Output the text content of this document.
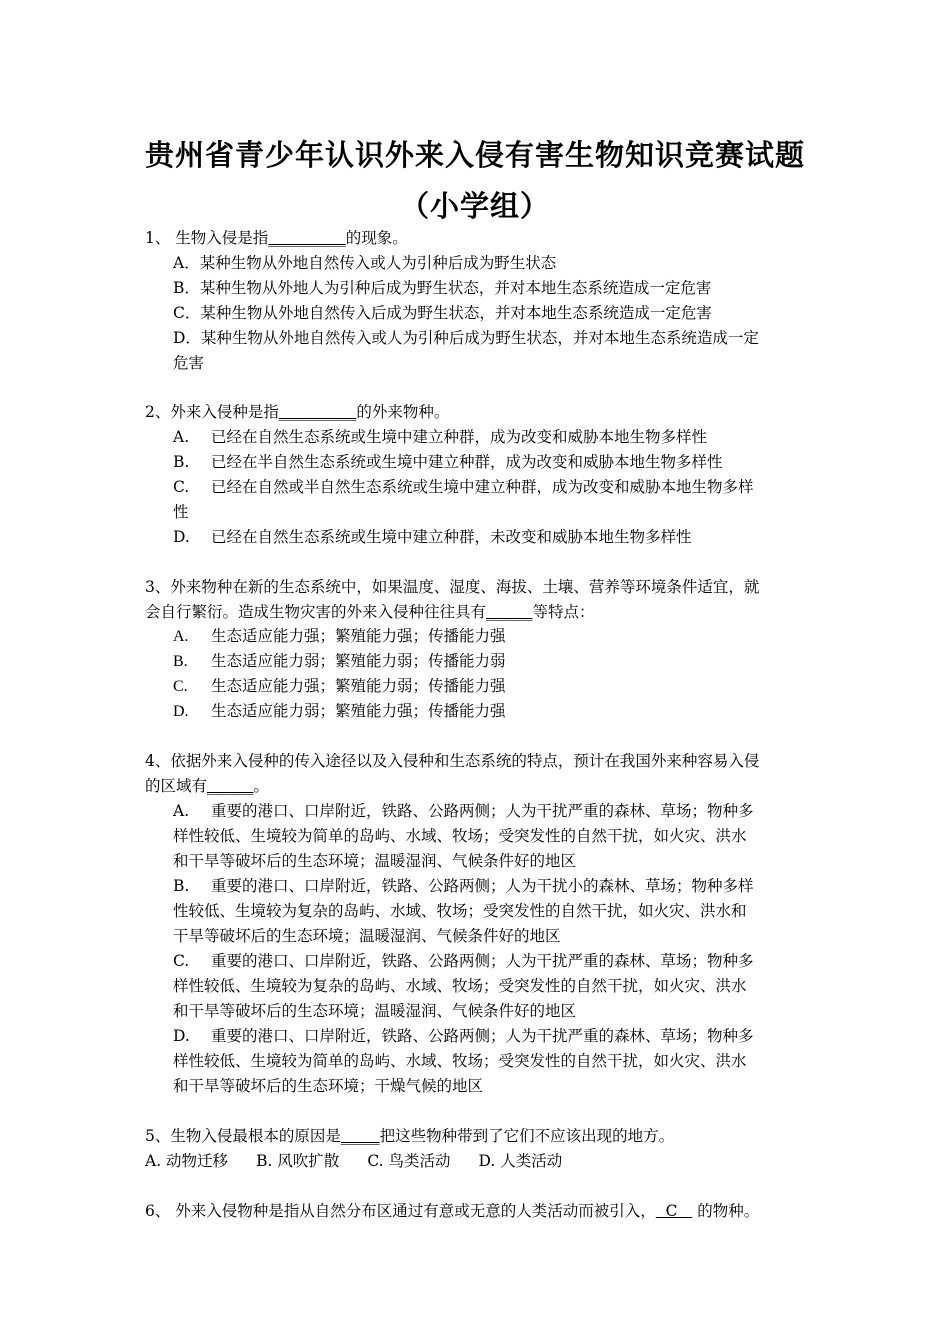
贵州省青少年认识外来入侵有害生物知识竞赛试题
（小学组）
1、 生物入侵是指__________的现象。
A．某种生物从外地自然传入或人为引种后成为野生状态
B．某种生物从外地人为引种后成为野生状态，并对本地生态系统造成一定危害
C．某种生物从外地自然传入后成为野生状态，并对本地生态系统造成一定危害
D．某种生物从外地自然传入或人为引种后成为野生状态，并对本地生态系统造成一定
危害
2、外来入侵种是指__________的外来物种。
A. 已经在自然生态系统或生境中建立种群，成为改变和威胁本地生物多样性
B. 已经在半自然生态系统或生境中建立种群，成为改变和威胁本地生物多样性
C. 已经在自然或半自然生态系统或生境中建立种群，成为改变和威胁本地生物多样
性
D. 已经在自然生态系统或生境中建立种群，未改变和威胁本地生物多样性
3、外来物种在新的生态系统中，如果温度、湿度、海拔、土壤、营养等环境条件适宜，就
会自行繁衍。造成生物灾害的外来入侵种往往具有______等特点：
A. 生态适应能力强；繁殖能力强；传播能力强
B. 生态适应能力弱；繁殖能力弱；传播能力弱
C. 生态适应能力强；繁殖能力弱；传播能力强
D. 生态适应能力弱；繁殖能力强；传播能力强
4、依据外来入侵种的传入途径以及入侵种和生态系统的特点，预计在我国外来种容易入侵
的区域有______。
A. 重要的港口、口岸附近，铁路、公路两侧；人为干扰严重的森林、草场；物种多
样性较低、生境较为简单的岛屿、水域、牧场；受突发性的自然干扰，如火灾、洪水
和干旱等破坏后的生态环境；温暖湿润、气候条件好的地区
B. 重要的港口、口岸附近，铁路、公路两侧；人为干扰小的森林、草场；物种多样
性较低、生境较为复杂的岛屿、水域、牧场；受突发性的自然干扰，如火灾、洪水和
干旱等破坏后的生态环境；温暖湿润、气候条件好的地区
C. 重要的港口、口岸附近，铁路、公路两侧；人为干扰严重的森林、草场；物种多
样性较低、生境较为复杂的岛屿、水域、牧场；受突发性的自然干扰，如火灾、洪水
和干旱等破坏后的生态环境；温暖湿润、气候条件好的地区
D. 重要的港口、口岸附近，铁路、公路两侧；人为干扰严重的森林、草场；物种多
样性较低、生境较为简单的岛屿、水域、牧场；受突发性的自然干扰，如火灾、洪水
和干旱等破坏后的生态环境；干燥气候的地区
5、生物入侵最根本的原因是_____把这些物种带到了它们不应该出现的地方。
A. 动物迁移 B. 风吹扩散 C. 鸟类活动 D. 人类活动
6、 外来入侵物种是指从自然分布区通过有意或无意的人类活动而被引入，  C    的物种。
